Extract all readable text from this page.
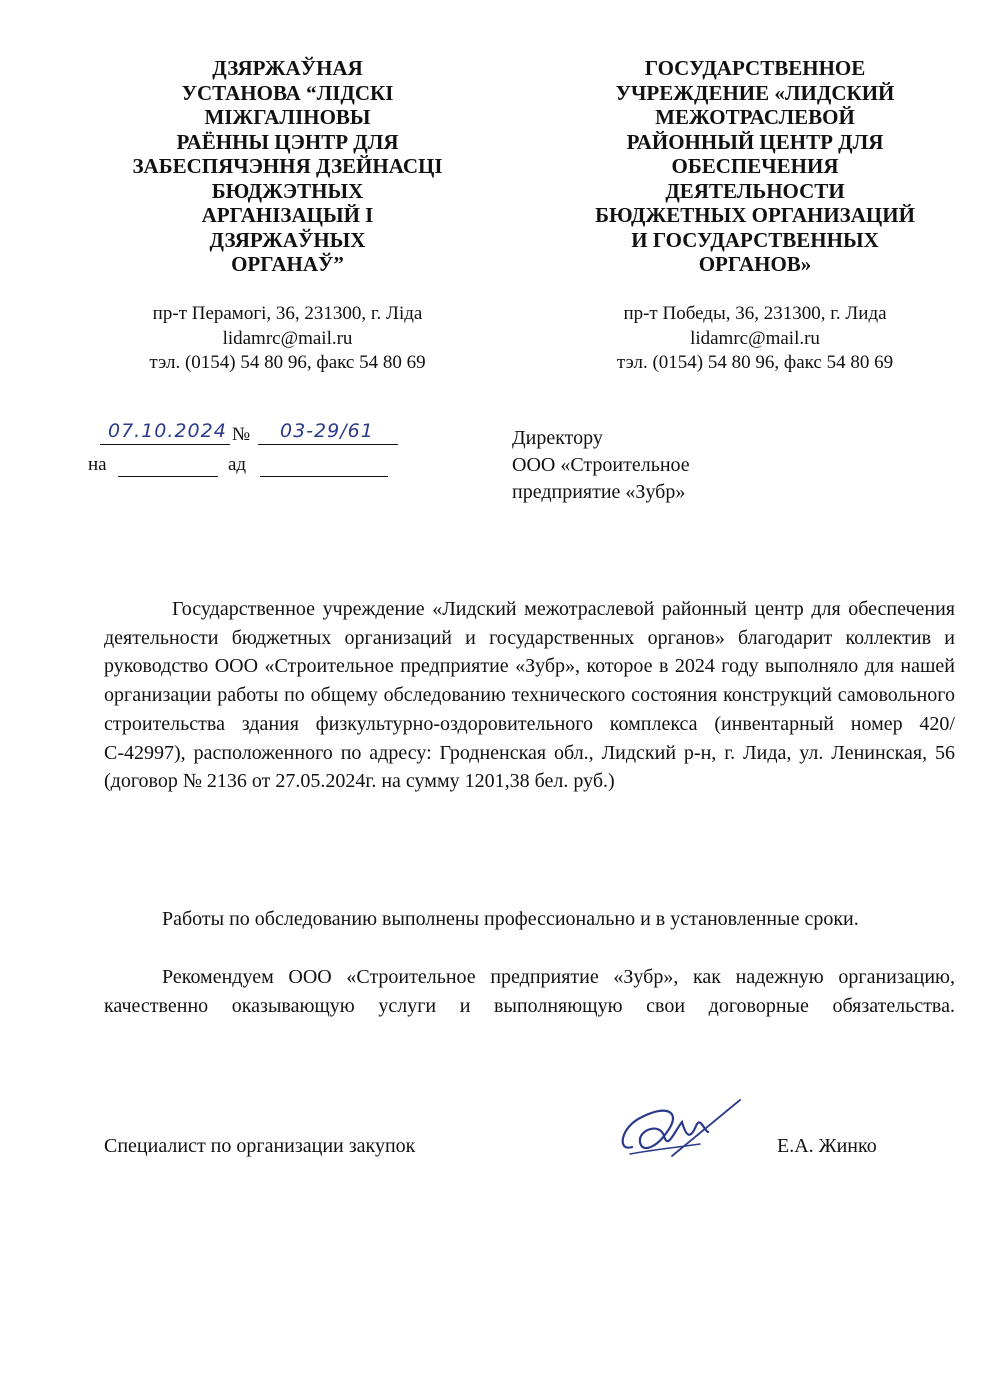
ДЗЯРЖАЎНАЯ
УСТАНОВА “ЛІДСКІ
МІЖГАЛІНОВЫ
РАЁННЫ ЦЭНТР ДЛЯ
ЗАБЕСПЯЧЭННЯ ДЗЕЙНАСЦІ
БЮДЖЭТНЫХ
АРГАНІЗАЦЫЙ І
ДЗЯРЖАЎНЫХ
ОРГАНАЎ”
ГОСУДАРСТВЕННОЕ
УЧРЕЖДЕНИЕ «ЛИДСКИЙ
МЕЖОТРАСЛЕВОЙ
РАЙОННЫЙ ЦЕНТР ДЛЯ
ОБЕСПЕЧЕНИЯ
ДЕЯТЕЛЬНОСТИ
БЮДЖЕТНЫХ ОРГАНИЗАЦИЙ
И ГОСУДАРСТВЕННЫХ
ОРГАНОВ»
пр-т Перамогі, 36, 231300, г. Ліда
lidamrc@mail.ru
тэл. (0154) 54 80 96, факс 54 80 69
пр-т Победы, 36, 231300, г. Лида
lidamrc@mail.ru
тэл. (0154) 54 80 96, факс 54 80 69
07.10.2024 № 03-29/61
на	ад
Директору
ООО «Строительное
предприятие «Зубр»
Государственное учреждение «Лидский межотраслевой районный центр для обеспечения деятельности бюджетных организаций и государственных органов» благодарит коллектив и руководство ООО «Строительное предприятие «Зубр», которое в 2024 году выполняло для нашей организации работы по общему обследованию технического состояния конструкций самовольного строительства здания физкультурно-оздоровительного комплекса (инвентарный номер 420/С-42997), расположенного по адресу: Гродненская обл., Лидский р-н, г. Лида, ул. Ленинская, 56 (договор № 2136 от 27.05.2024г. на сумму 1201,38 бел. руб.)
Работы по обследованию выполнены профессионально и в установленные сроки.
Рекомендуем ООО «Строительное предприятие «Зубр», как надежную организацию, качественно оказывающую услуги и выполняющую свои договорные обязательства.
Специалист по организации закупок	Е.А. Жинко
